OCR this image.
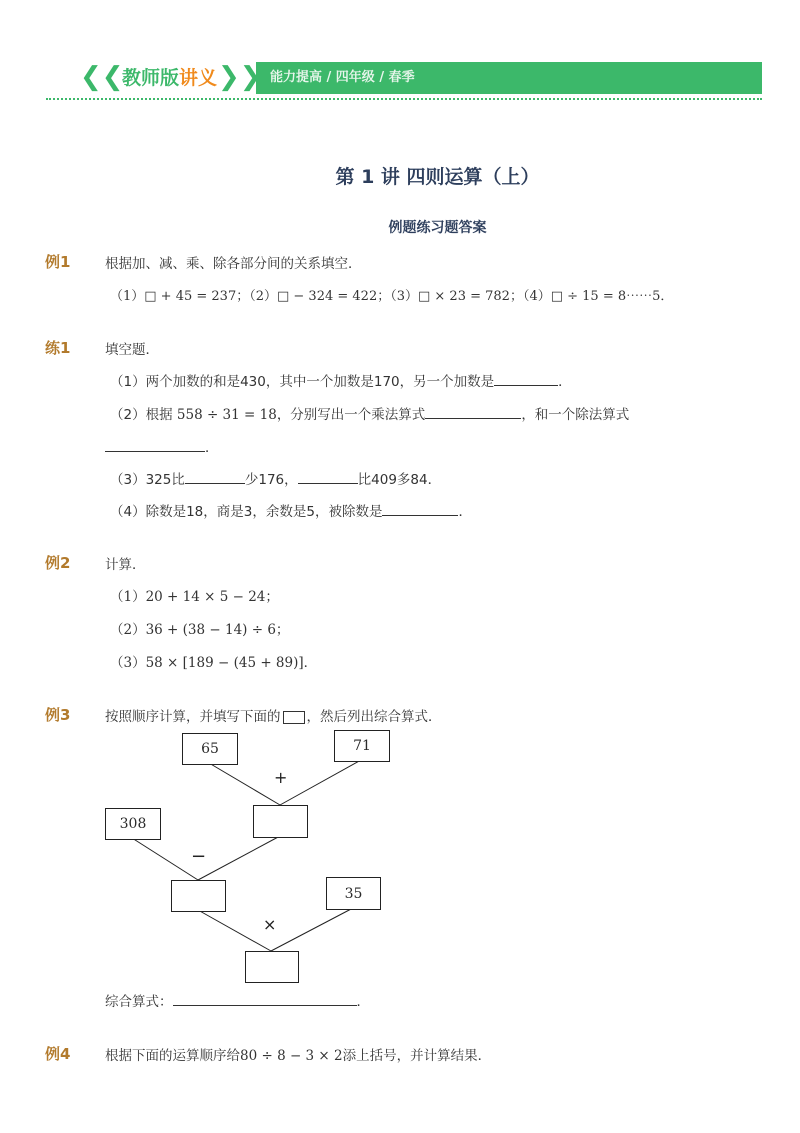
❮❮	❯❯
教师版讲义	能力提高 / 四年级 / 春季
第 1 讲 四则运算（上）
例题练习题答案
例1	根据加、减、乘、除各部分间的关系填空．
（1）□ + 45 = 237；（2）□ − 324 = 422；（3）□ × 23 = 782；（4）□ ÷ 15 = 8⋯⋯5．
练1	填空题．
（1）两个加数的和是430，其中一个加数是170，另一个加数是	．
（2）根据 558 ÷ 31 = 18，分别写出一个乘法算式	，和一个除法算式
．
（3）325比	少176，	比409多84．
（4）除数是18，商是3，余数是5，被除数是	．
例2	计算．
（1）20 + 14 × 5 − 24；
（2）36 + (38 − 14) ÷ 6；
（3）58 × [189 − (45 + 89)]．
例3	按照顺序计算，并填写下面的 ，然后列出综合算式．
65	71
+
308
−
35
×
综合算式：	．
例4	根据下面的运算顺序给80 ÷ 8 − 3 × 2添上括号，并计算结果．
